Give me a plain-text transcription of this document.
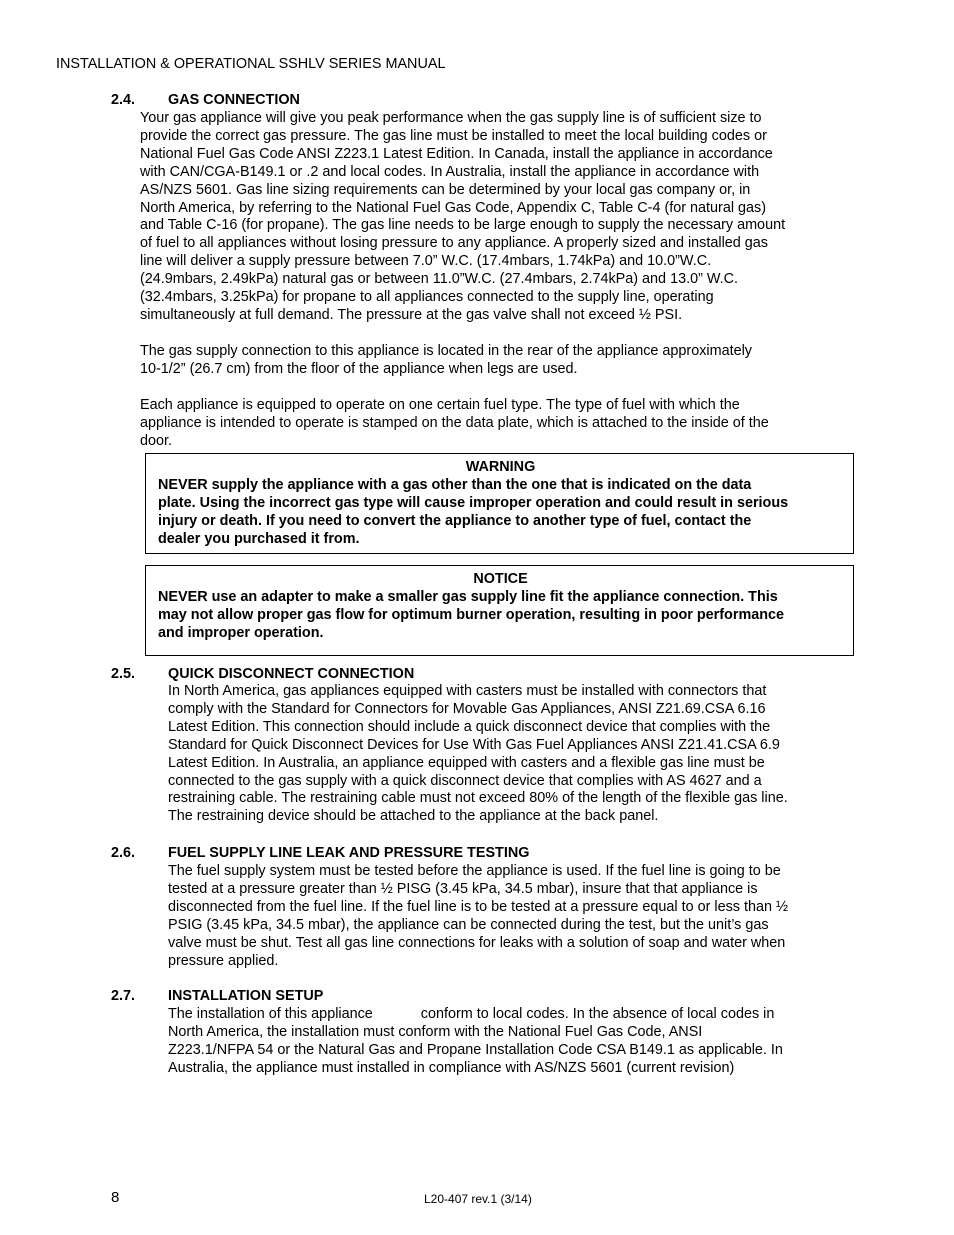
INSTALLATION & OPERATIONAL SSHLV SERIES MANUAL
2.4. GAS CONNECTION
Your gas appliance will give you peak performance when the gas supply line is of sufficient size to
provide the correct gas pressure. The gas line must be installed to meet the local building codes or
National Fuel Gas Code ANSI Z223.1 Latest Edition. In Canada, install the appliance in accordance
with CAN/CGA-B149.1 or .2 and local codes. In Australia, install the appliance in accordance with
AS/NZS 5601. Gas line sizing requirements can be determined by your local gas company or, in
North America, by referring to the National Fuel Gas Code, Appendix C, Table C-4 (for natural gas)
and Table C-16 (for propane). The gas line needs to be large enough to supply the necessary amount
of fuel to all appliances without losing pressure to any appliance. A properly sized and installed gas
line will deliver a supply pressure between 7.0” W.C. (17.4mbars, 1.74kPa) and 10.0”W.C.
(24.9mbars, 2.49kPa) natural gas or between 11.0”W.C. (27.4mbars, 2.74kPa) and 13.0” W.C.
(32.4mbars, 3.25kPa) for propane to all appliances connected to the supply line, operating
simultaneously at full demand. The pressure at the gas valve shall not exceed ½ PSI.
The gas supply connection to this appliance is located in the rear of the appliance approximately
10-1/2” (26.7 cm) from the floor of the appliance when legs are used.
Each appliance is equipped to operate on one certain fuel type. The type of fuel with which the
appliance is intended to operate is stamped on the data plate, which is attached to the inside of the
door.
WARNING
NEVER supply the appliance with a gas other than the one that is indicated on the data
plate. Using the incorrect gas type will cause improper operation and could result in serious
injury or death. If you need to convert the appliance to another type of fuel, contact the
dealer you purchased it from.
NOTICE
NEVER use an adapter to make a smaller gas supply line fit the appliance connection. This
may not allow proper gas flow for optimum burner operation, resulting in poor performance
and improper operation.
2.5. QUICK DISCONNECT CONNECTION
In North America, gas appliances equipped with casters must be installed with connectors that
comply with the Standard for Connectors for Movable Gas Appliances, ANSI Z21.69.CSA 6.16
Latest Edition. This connection should include a quick disconnect device that complies with the
Standard for Quick Disconnect Devices for Use With Gas Fuel Appliances ANSI Z21.41.CSA 6.9
Latest Edition. In Australia, an appliance equipped with casters and a flexible gas line must be
connected to the gas supply with a quick disconnect device that complies with AS 4627 and a
restraining cable. The restraining cable must not exceed 80% of the length of the flexible gas line.
The restraining device should be attached to the appliance at the back panel.
2.6. FUEL SUPPLY LINE LEAK AND PRESSURE TESTING
The fuel supply system must be tested before the appliance is used. If the fuel line is going to be
tested at a pressure greater than ½ PISG (3.45 kPa, 34.5 mbar), insure that that appliance is
disconnected from the fuel line. If the fuel line is to be tested at a pressure equal to or less than ½
PSIG (3.45 kPa, 34.5 mbar), the appliance can be connected during the test, but the unit’s gas
valve must be shut. Test all gas line connections for leaks with a solution of soap and water when
pressure applied.
2.7. INSTALLATION SETUP
The installation of this appliance            conform to local codes. In the absence of local codes in
North America, the installation must conform with the National Fuel Gas Code, ANSI
Z223.1/NFPA 54 or the Natural Gas and Propane Installation Code CSA B149.1 as applicable. In
Australia, the appliance must installed in compliance with AS/NZS 5601 (current revision)
8	L20-407 rev.1 (3/14)
